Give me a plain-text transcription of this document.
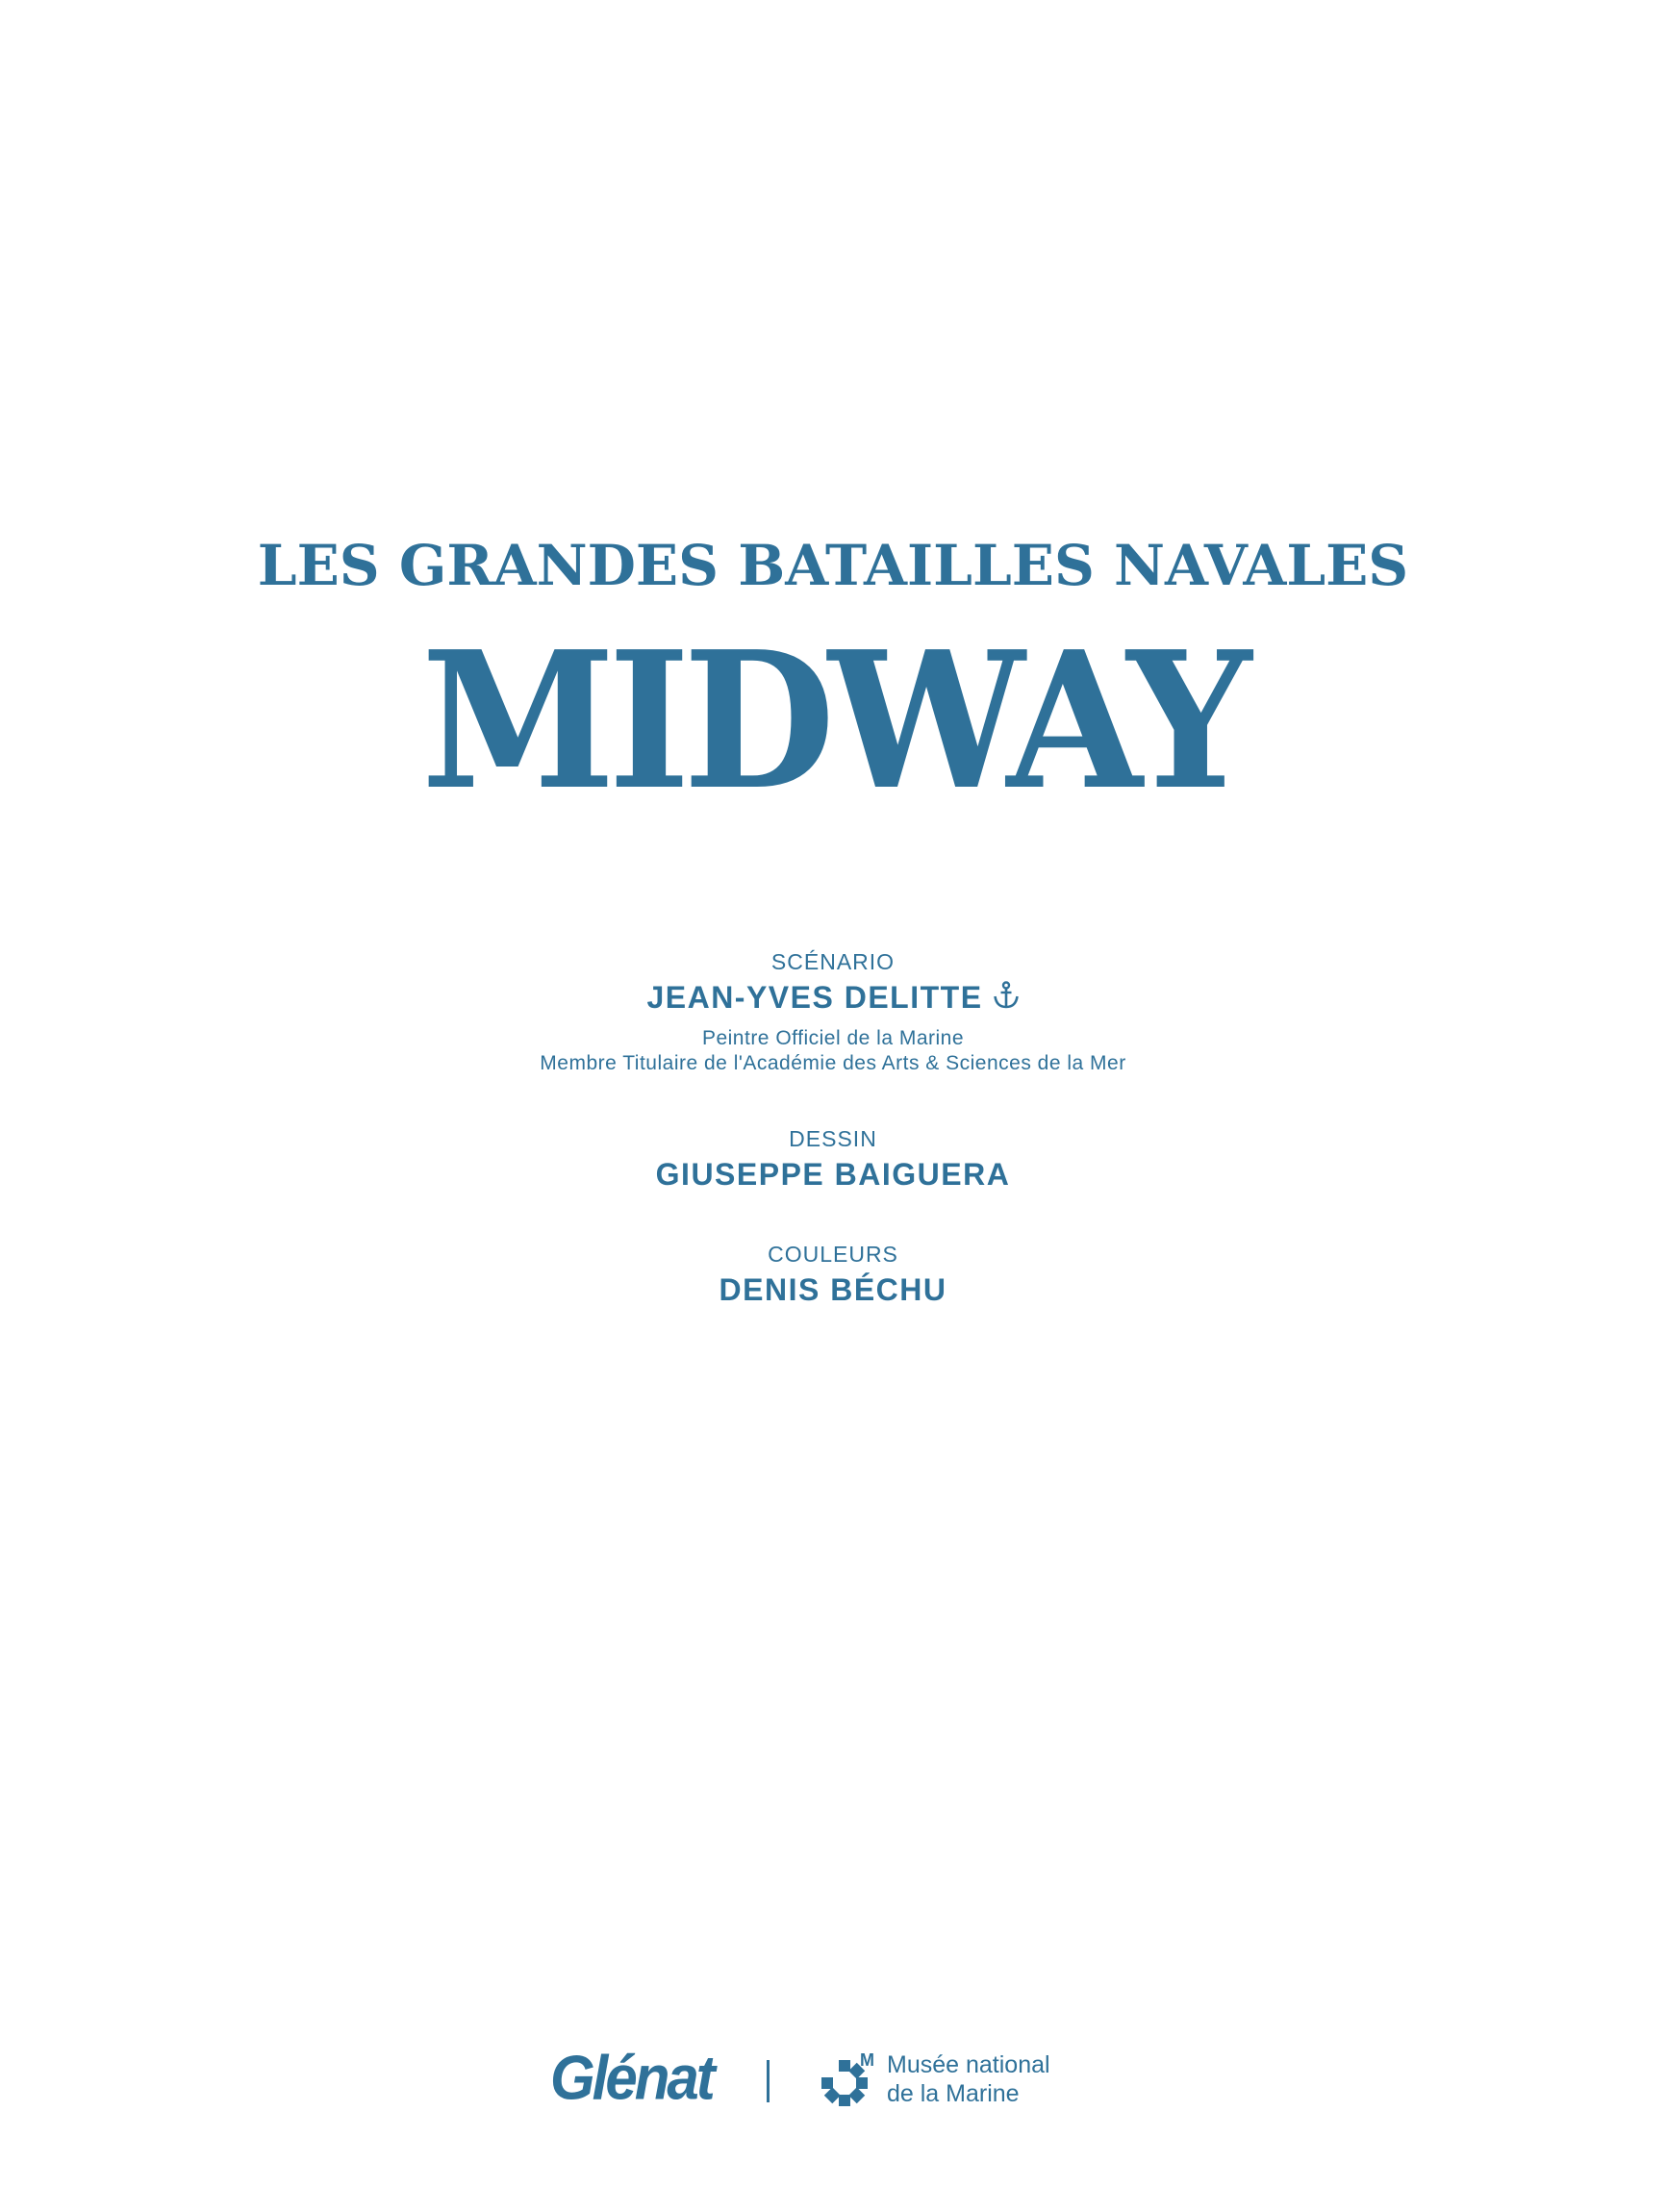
LES GRANDES BATAILLES NAVALES
MIDWAY
SCÉNARIO
JEAN-YVES DELITTE
Peintre Officiel de la Marine
Membre Titulaire de l'Académie des Arts & Sciences de la Mer
DESSIN
GIUSEPPE BAIGUERA
COULEURS
DENIS BÉCHU
Glénat	M Musée national
de la Marine
